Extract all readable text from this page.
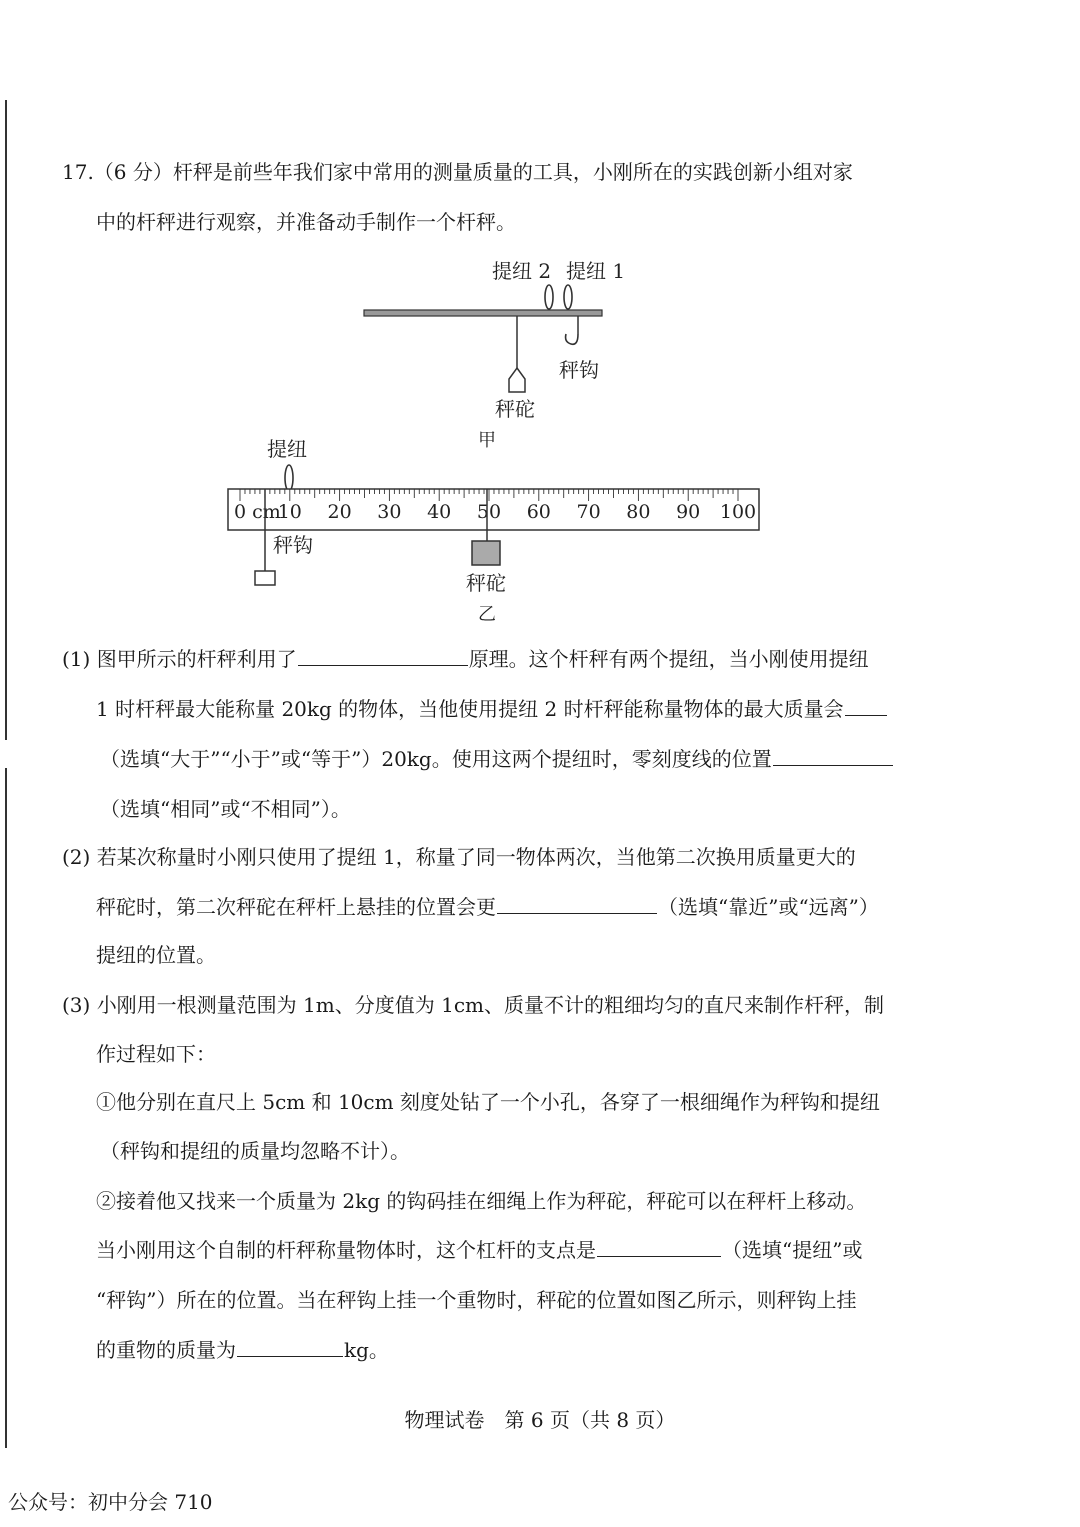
17.（6 分）杆秤是前些年我们家中常用的测量质量的工具，小刚所在的实践创新小组对家
中的杆秤进行观察，并准备动手制作一个杆秤。
提纽 2 提纽 1
秤钩
秤砣
甲
提纽
0 cm
10 20 30 40 50 60 70 80 90 100
秤钩
秤砣
乙
(1) 图甲所示的杆秤利用了	原理。这个杆秤有两个提纽，当小刚使用提纽
1 时杆秤最大能称量 20kg 的物体，当他使用提纽 2 时杆秤能称量物体的最大质量会
（选填“大于”“小于”或“等于”）20kg。使用这两个提纽时，零刻度线的位置
（选填“相同”或“不相同”）。
(2) 若某次称量时小刚只使用了提纽 1，称量了同一物体两次，当他第二次换用质量更大的
秤砣时，第二次秤砣在秤杆上悬挂的位置会更	（选填“靠近”或“远离”）
提纽的位置。
(3) 小刚用一根测量范围为 1m、分度值为 1cm、质量不计的粗细均匀的直尺来制作杆秤，制
作过程如下：
①他分别在直尺上 5cm 和 10cm 刻度处钻了一个小孔，各穿了一根细绳作为秤钩和提纽
（秤钩和提纽的质量均忽略不计）。
②接着他又找来一个质量为 2kg 的钩码挂在细绳上作为秤砣，秤砣可以在秤杆上移动。
当小刚用这个自制的杆秤称量物体时，这个杠杆的支点是	（选填“提纽”或
“秤钩”）所在的位置。当在秤钩上挂一个重物时，秤砣的位置如图乙所示，则秤钩上挂
的重物的质量为	kg。
物理试卷　第 6 页（共 8 页）
公众号：初中分会 710
